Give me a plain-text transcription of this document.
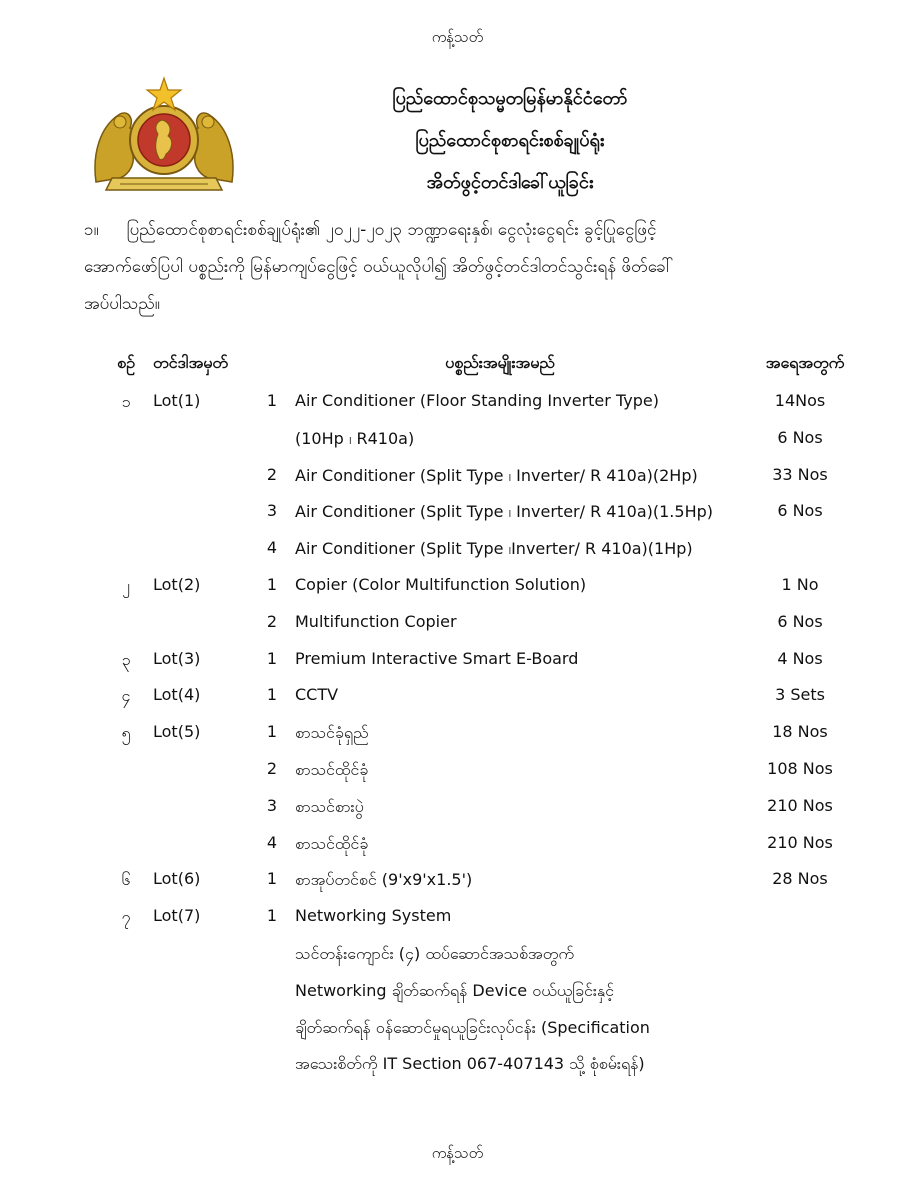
ကန့်သတ်
ပြည်ထောင်စုသမ္မတမြန်မာနိုင်ငံတော်
ပြည်ထောင်စုစာရင်းစစ်ချုပ်ရုံး
အိတ်ဖွင့်တင်ဒါခေါ်ယူခြင်း
၁။ ပြည်ထောင်စုစာရင်းစစ်ချုပ်ရုံး၏ ၂၀၂၂-၂၀၂၃ ဘဏ္ဍာရေးနှစ်၊ ငွေလုံးငွေရင်း ခွင့်ပြုငွေဖြင့်
အောက်ဖော်ပြပါ ပစ္စည်းကို မြန်မာကျပ်ငွေဖြင့် ဝယ်ယူလိုပါ၍ အိတ်ဖွင့်တင်ဒါတင်သွင်းရန် ဖိတ်ခေါ်
အပ်ပါသည်။
စဉ်	တင်ဒါအမှတ်	ပစ္စည်းအမျိုးအမည်	အရေအတွက်
၁	Lot(1)	1	Air Conditioner (Floor Standing Inverter Type)	14Nos
(10Hp ၊ R410a)	6 Nos
2	Air Conditioner (Split Type ၊ Inverter/ R 410a)(2Hp)	33 Nos
3	Air Conditioner (Split Type ၊ Inverter/ R 410a)(1.5Hp)	6 Nos
4	Air Conditioner (Split Type ၊Inverter/ R 410a)(1Hp)
၂	Lot(2)	1	Copier (Color Multifunction Solution)	1 No
2	Multifunction Copier	6 Nos
၃	Lot(3)	1	Premium Interactive Smart E-Board	4 Nos
၄	Lot(4)	1	CCTV	3 Sets
၅	Lot(5)	1	စာသင်ခုံရှည်	18 Nos
2	စာသင်ထိုင်ခုံ	108 Nos
3	စာသင်စားပွဲ	210 Nos
4	စာသင်ထိုင်ခုံ	210 Nos
၆	Lot(6)	1	စာအုပ်တင်စင် (9'x9'x1.5')	28 Nos
၇	Lot(7)	1	Networking System
သင်တန်းကျောင်း (၄) ထပ်ဆောင်အသစ်အတွက်
Networking ချိတ်ဆက်ရန် Device ဝယ်ယူခြင်းနှင့်
ချိတ်ဆက်ရန် ဝန်ဆောင်မှုရယူခြင်းလုပ်ငန်း (Specification
အသေးစိတ်ကို IT Section 067-407143 သို့ စုံစမ်းရန်)
ကန့်သတ်
